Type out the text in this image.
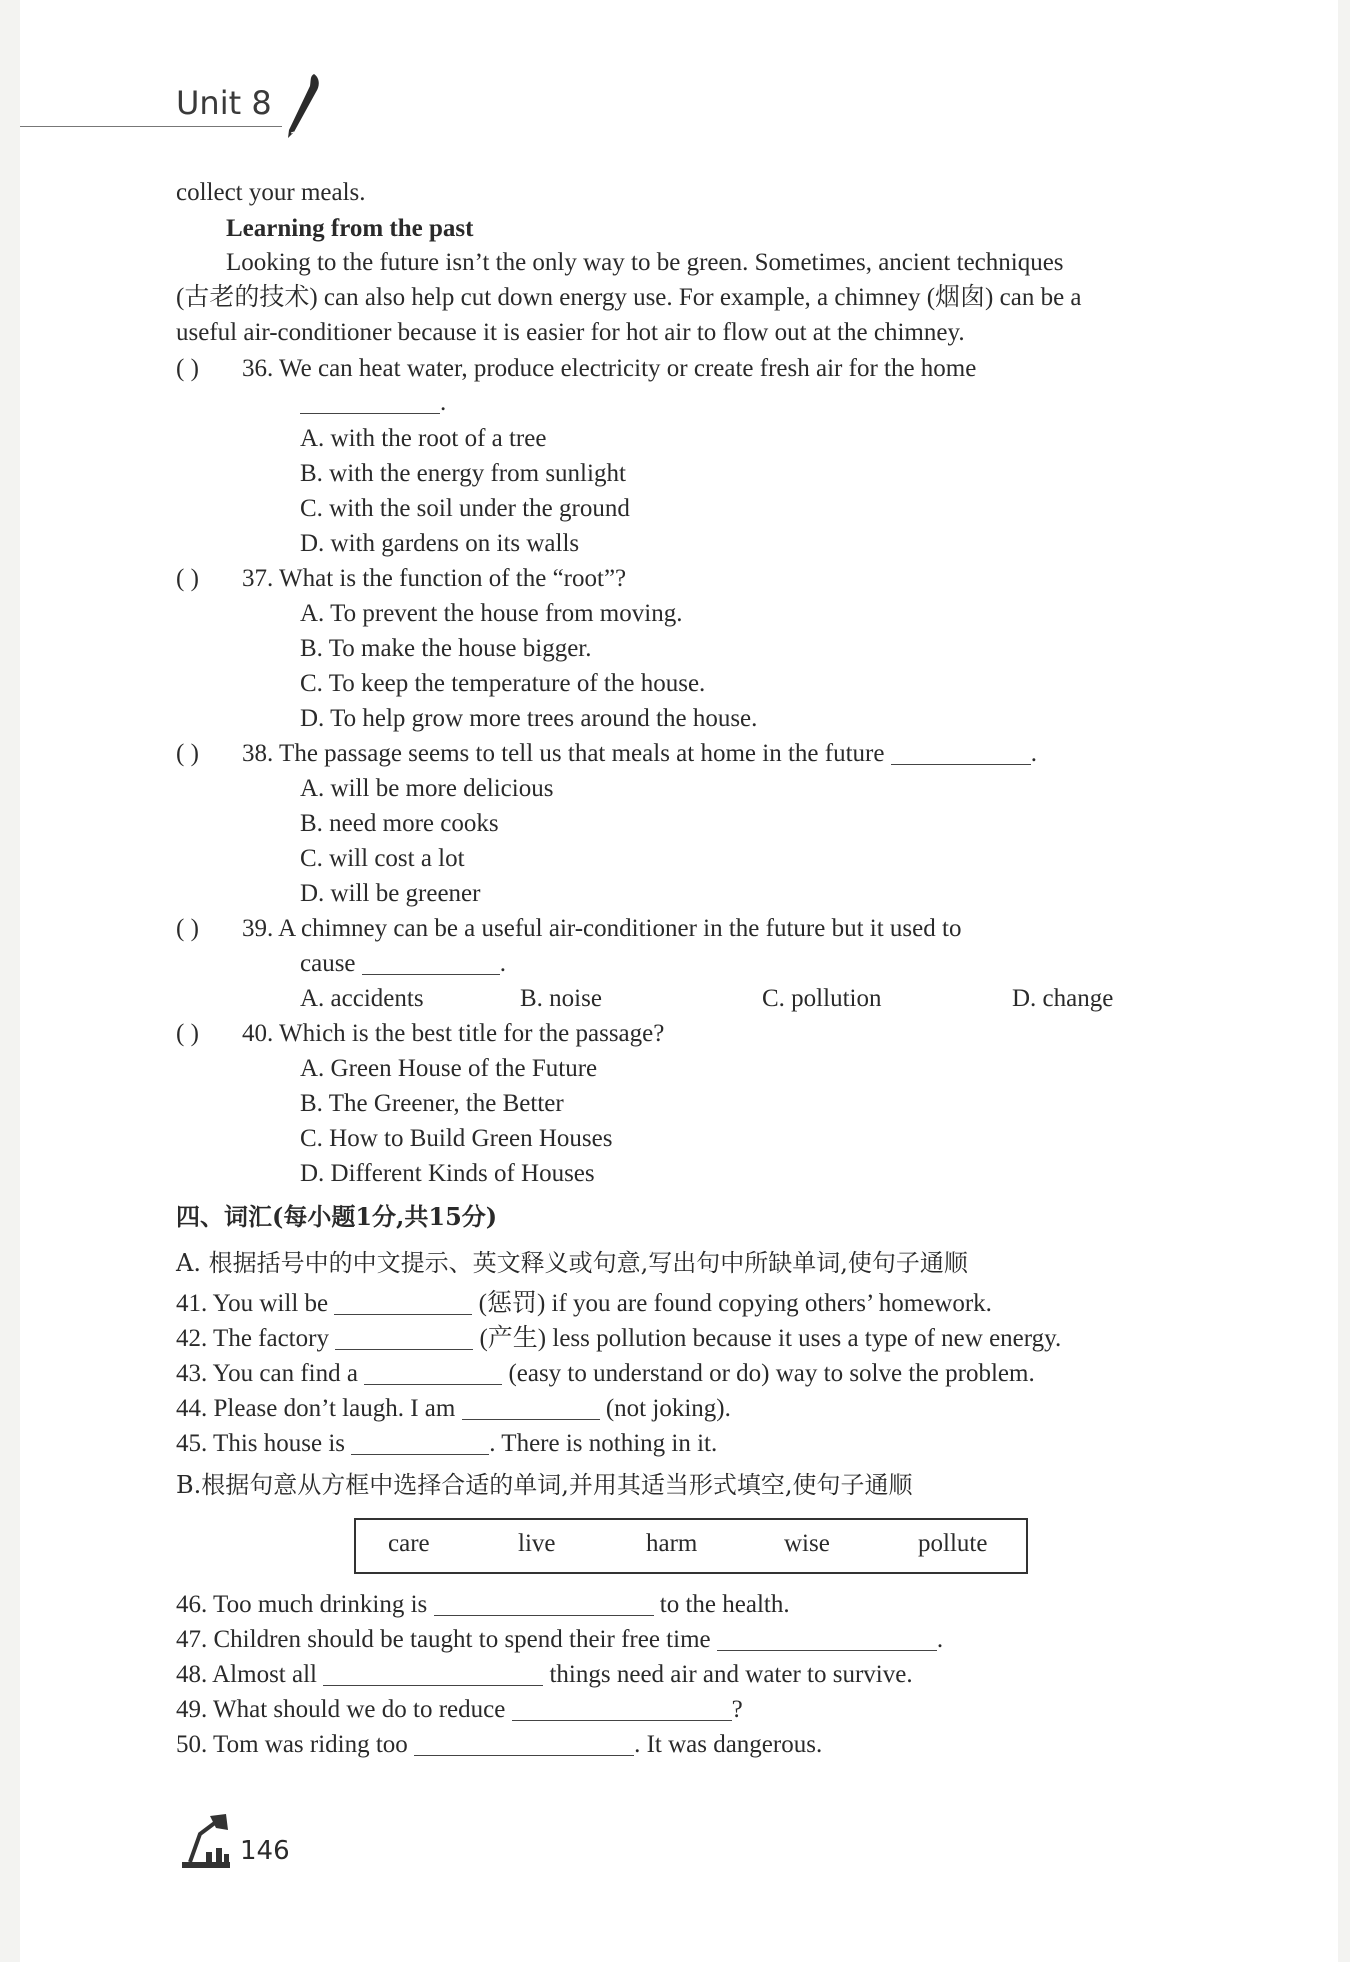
Unit 8
collect your meals.
Learning from the past
Looking to the future isn’t the only way to be green. Sometimes, ancient techniques
(古老的技术) can also help cut down energy use. For example, a chimney (烟囱) can be a
useful air-conditioner because it is easier for hot air to flow out at the chimney.
( ) 36. We can heat water, produce electricity or create fresh air for the home
.
A. with the root of a tree
B. with the energy from sunlight
C. with the soil under the ground
D. with gardens on its walls
( ) 37. What is the function of the “root”?
A. To prevent the house from moving.
B. To make the house bigger.
C. To keep the temperature of the house.
D. To help grow more trees around the house.
( ) 38. The passage seems to tell us that meals at home in the future	.
A. will be more delicious
B. need more cooks
C. will cost a lot
D. will be greener
( ) 39. A chimney can be a useful air-conditioner in the future but it used to
cause	.
A. accidents	B. noise	C. pollution	D. change
( ) 40. Which is the best title for the passage?
A. Green House of the Future
B. The Greener, the Better
C. How to Build Green Houses
D. Different Kinds of Houses
四、词汇(每小题1分,共15分)
A. 根据括号中的中文提示、英文释义或句意,写出句中所缺单词,使句子通顺
41. You will be	(惩罚) if you are found copying others’ homework.
42. The factory	(产生) less pollution because it uses a type of new energy.
43. You can find a	(easy to understand or do) way to solve the problem.
44. Please don’t laugh. I am	(not joking).
45. This house is	. There is nothing in it.
B.根据句意从方框中选择合适的单词,并用其适当形式填空,使句子通顺
care	live	harm	wise	pollute
46. Too much drinking is	to the health.
47. Children should be taught to spend their free time	.
48. Almost all	things need air and water to survive.
49. What should we do to reduce	?
50. Tom was riding too	. It was dangerous.
146
